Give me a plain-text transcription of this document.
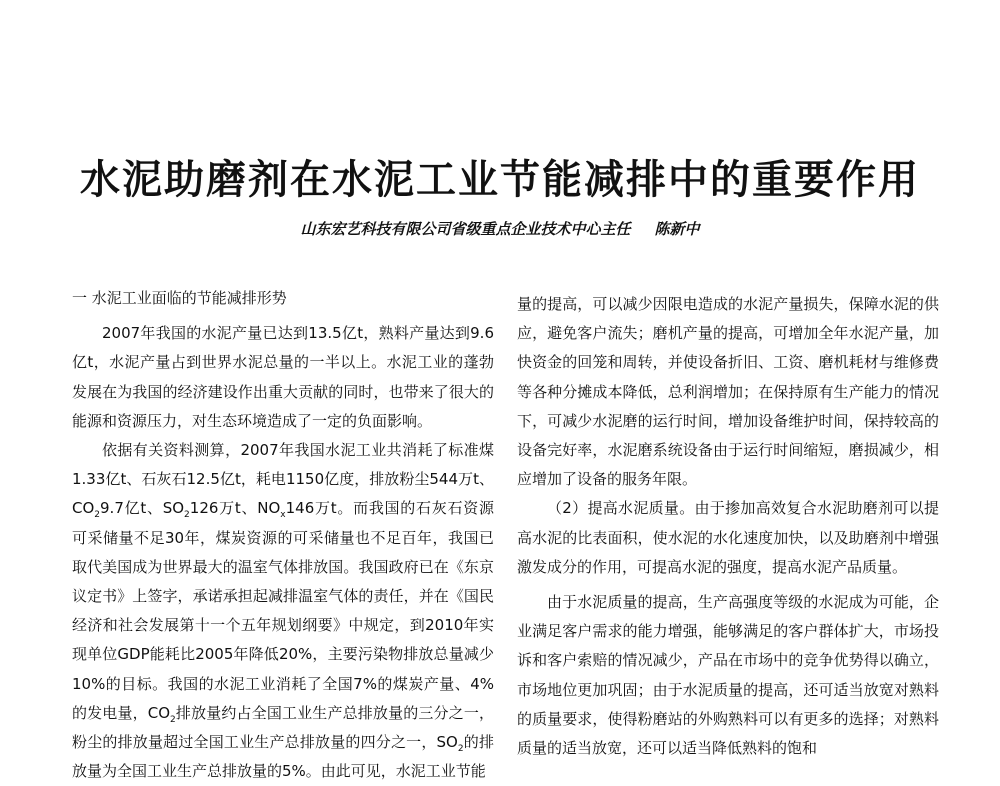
水泥助磨剂在水泥工业节能减排中的重要作用
山东宏艺科技有限公司省级重点企业技术中心主任 陈新中

一 水泥工业面临的节能减排形势

2007年我国的水泥产量已达到13.5亿t，熟料产量达到9.6亿t，水泥产量占到世界水泥总量的一半以上。水泥工业的蓬勃发展在为我国的经济建设作出重大贡献的同时，也带来了很大的能源和资源压力，对生态环境造成了一定的负面影响。

依据有关资料测算，2007年我国水泥工业共消耗了标准煤1.33亿t、石灰石12.5亿t，耗电1150亿度，排放粉尘544万t、$CO_29.7$亿t、$SO_2126$万t、$NO_x146$万t。而我国的石灰石资源可采储量不足30年，煤炭资源的可采储量也不足百年，我国已取代美国成为世界最大的温室气体排放国。我国政府已在《东京议定书》上签字，承诺承担起减排温室气体的责任，并在《国民经济和社会发展第十一个五年规划纲要》中规定，到2010年实现单位GDP能耗比2005年降低20%，主要污染物排放总量减少10%的目标。我国的水泥工业消耗了全国7%的煤炭产量、4%的发电量，$CO_2$排放量约占全国工业生产总排放量的三分之一，粉尘的排放量超过全国工业生产总排放量的四分之一，$SO_2$的排放量为全国工业生产总排放量的5%。由此可见，水泥工业节能

量的提高，可以减少因限电造成的水泥产量损失，保障水泥的供应，避免客户流失；磨机产量的提高，可增加全年水泥产量，加快资金的回笼和周转，并使设备折旧、工资、磨机耗材与维修费等各种分摊成本降低，总利润增加；在保持原有生产能力的情况下，可减少水泥磨的运行时间，增加设备维护时间，保持较高的设备完好率，水泥磨系统设备由于运行时间缩短，磨损减少，相应增加了设备的服务年限。

（2）提高水泥质量。由于掺加高效复合水泥助磨剂可以提高水泥的比表面积，使水泥的水化速度加快，以及助磨剂中增强激发成分的作用，可提高水泥的强度，提高水泥产品质量。

由于水泥质量的提高，生产高强度等级的水泥成为可能，企业满足客户需求的能力增强，能够满足的客户群体扩大，市场投诉和客户索赔的情况减少，产品在市场中的竞争优势得以确立，市场地位更加巩固；由于水泥质量的提高，还可适当放宽对熟料的质量要求，使得粉磨站的外购熟料可以有更多的选择；对熟料质量的适当放宽，还可以适当降低熟料的饱和
